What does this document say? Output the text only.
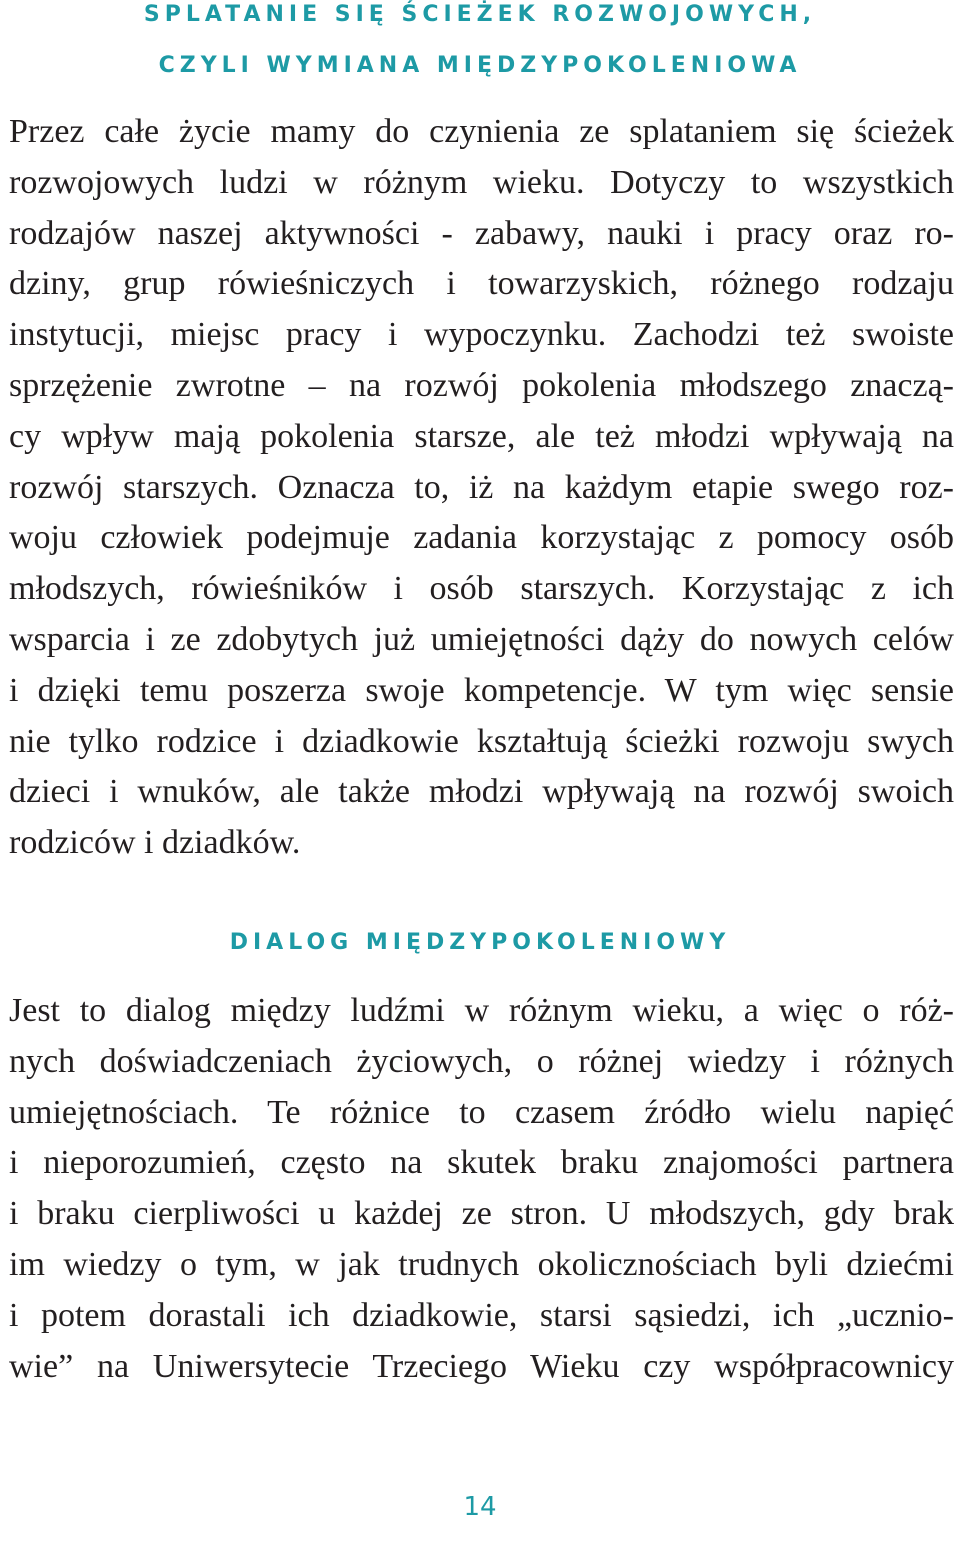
SPLATANIE SIĘ ŚCIEŻEK ROZWOJOWYCH,
CZYLI WYMIANA MIĘDZYPOKOLENIOWA

Przez całe życie mamy do czynienia ze splataniem się ścieżek
rozwojowych ludzi w różnym wieku. Dotyczy to wszystkich
rodzajów naszej aktywności - zabawy, nauki i pracy oraz ro-
dziny, grup rówieśniczych i towarzyskich, różnego rodzaju
instytucji, miejsc pracy i wypoczynku. Zachodzi też swoiste
sprzężenie zwrotne – na rozwój pokolenia młodszego znaczą-
cy wpływ mają pokolenia starsze, ale też młodzi wpływają na
rozwój starszych. Oznacza to, iż na każdym etapie swego roz-
woju człowiek podejmuje zadania korzystając z pomocy osób
młodszych, rówieśników i osób starszych. Korzystając z ich
wsparcia i ze zdobytych już umiejętności dąży do nowych celów
i dzięki temu poszerza swoje kompetencje. W tym więc sensie
nie tylko rodzice i dziadkowie kształtują ścieżki rozwoju swych
dzieci i wnuków, ale także młodzi wpływają na rozwój swoich
rodziców i dziadków.

DIALOG MIĘDZYPOKOLENIOWY

Jest to dialog między ludźmi w różnym wieku, a więc o róż-
nych doświadczeniach życiowych, o różnej wiedzy i różnych
umiejętnościach. Te różnice to czasem źródło wielu napięć
i nieporozumień, często na skutek braku znajomości partnera
i braku cierpliwości u każdej ze stron. U młodszych, gdy brak
im wiedzy o tym, w jak trudnych okolicznościach byli dziećmi
i potem dorastali ich dziadkowie, starsi sąsiedzi, ich „ucznio-
wie” na Uniwersytecie Trzeciego Wieku czy współpracownicy

14
